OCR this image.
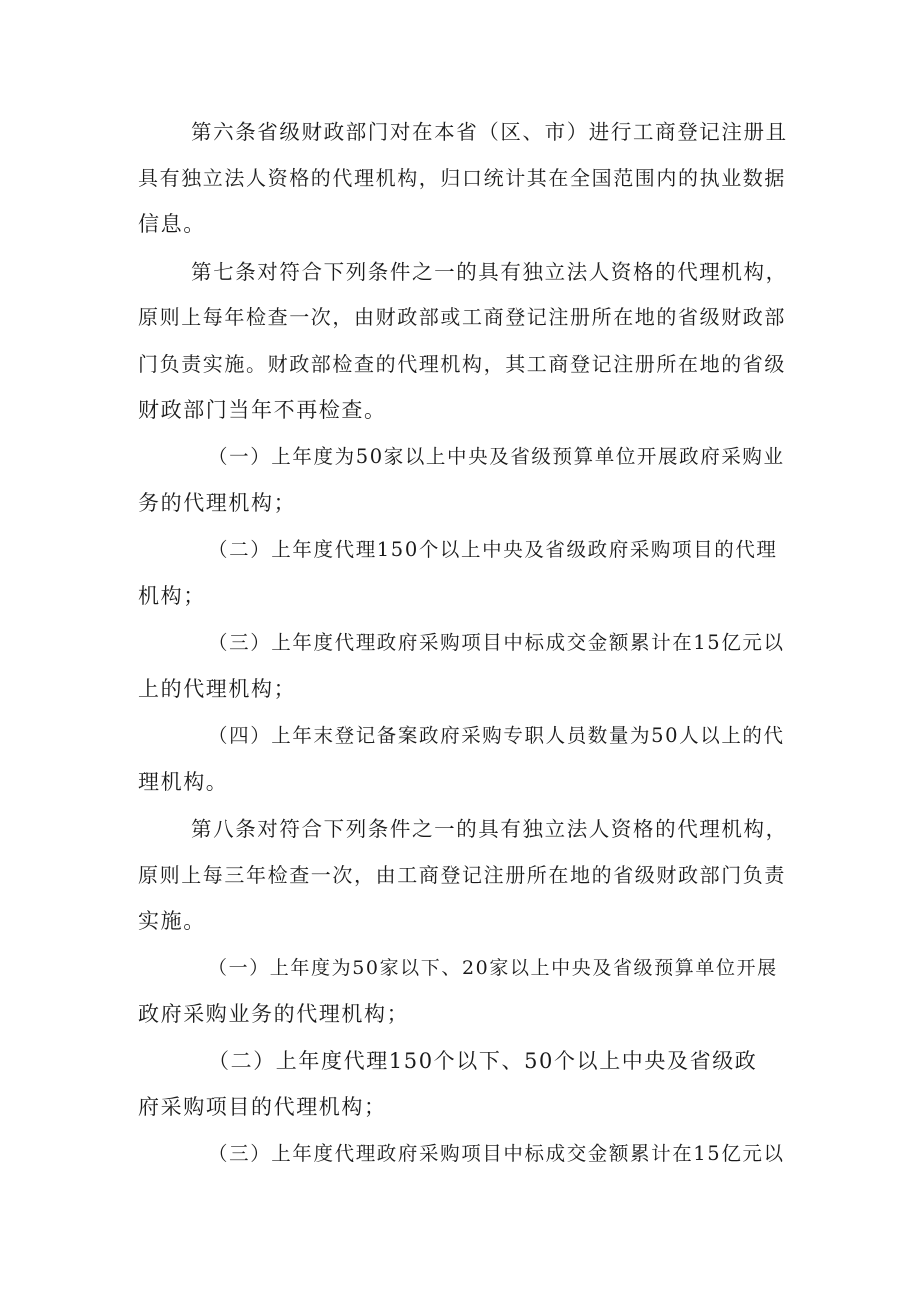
第六条省级财政部门对在本省（区、市）进行工商登记注册且
具有独立法人资格的代理机构，归口统计其在全国范围内的执业数据
信息。
第七条对符合下列条件之一的具有独立法人资格的代理机构，
原则上每年检查一次，由财政部或工商登记注册所在地的省级财政部
门负责实施。财政部检查的代理机构，其工商登记注册所在地的省级
财政部门当年不再检查。
（一）上年度为50家以上中央及省级预算单位开展政府采购业
务的代理机构；
（二）上年度代理150个以上中央及省级政府采购项目的代理
机构；
（三）上年度代理政府采购项目中标成交金额累计在15亿元以
上的代理机构；
（四）上年末登记备案政府采购专职人员数量为50人以上的代
理机构。
第八条对符合下列条件之一的具有独立法人资格的代理机构，
原则上每三年检查一次，由工商登记注册所在地的省级财政部门负责
实施。
（一）上年度为50家以下、20家以上中央及省级预算单位开展
政府采购业务的代理机构；
（二）上年度代理150个以下、50个以上中央及省级政
府采购项目的代理机构；
（三）上年度代理政府采购项目中标成交金额累计在15亿元以
